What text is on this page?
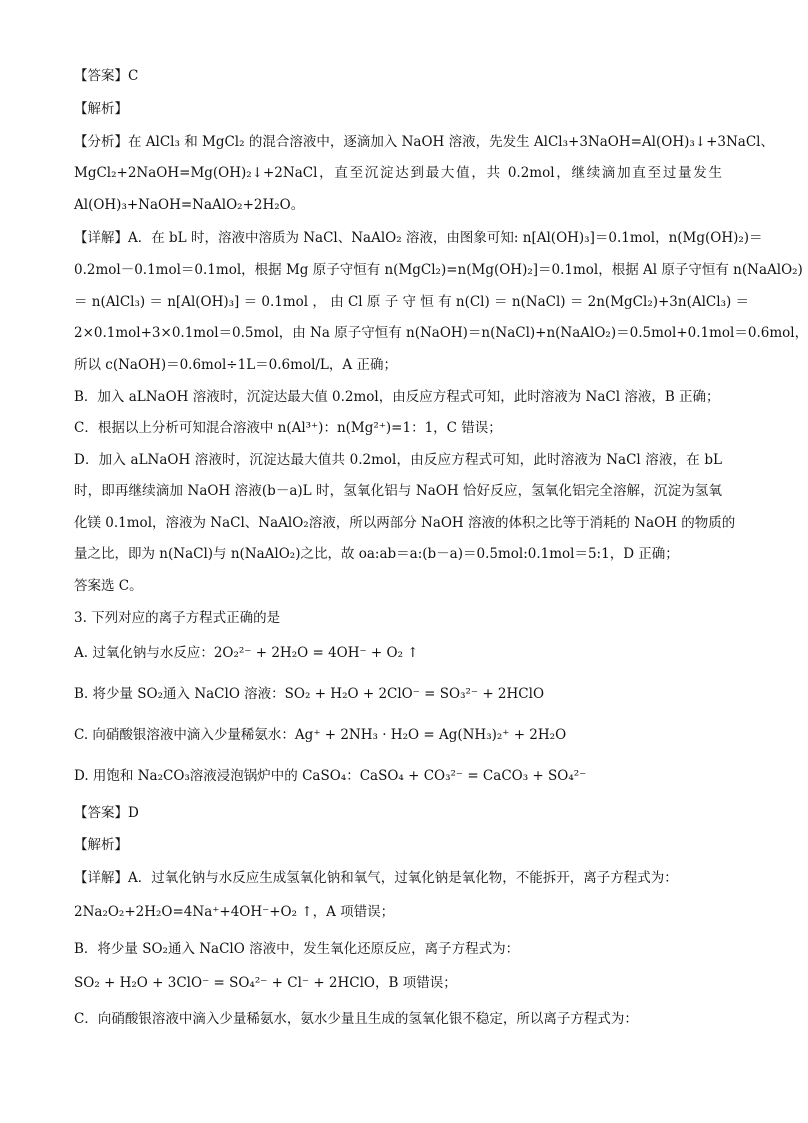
【答案】C
【解析】
【分析】在 AlCl₃ 和 MgCl₂ 的混合溶液中，逐滴加入 NaOH 溶液，先发生 AlCl₃+3NaOH=Al(OH)₃↓+3NaCl、
MgCl₂+2NaOH=Mg(OH)₂↓+2NaCl，直至沉淀达到最大值，共 0.2mol，继续滴加直至过量发生
Al(OH)₃+NaOH=NaAlO₂+2H₂O。
【详解】A．在 bL 时，溶液中溶质为 NaCl、NaAlO₂ 溶液，由图象可知: n[Al(OH)₃]＝0.1mol，n(Mg(OH)₂)＝
0.2mol－0.1mol＝0.1mol，根据 Mg 原子守恒有 n(MgCl₂)=n(Mg(OH)₂]＝0.1mol，根据 Al 原子守恒有 n(NaAlO₂)
＝ n(AlCl₃) ＝ n[Al(OH)₃] ＝ 0.1mol ， 由 Cl 原 子 守 恒 有 n(Cl) ＝ n(NaCl) ＝ 2n(MgCl₂)+3n(AlCl₃) ＝
2×0.1mol+3×0.1mol＝0.5mol，由 Na 原子守恒有 n(NaOH)＝n(NaCl)+n(NaAlO₂)＝0.5mol+0.1mol＝0.6mol，
所以 c(NaOH)＝0.6mol÷1L＝0.6mol/L，A 正确；
B．加入 aLNaOH 溶液时，沉淀达最大值 0.2mol，由反应方程式可知，此时溶液为 NaCl 溶液，B 正确；
C．根据以上分析可知混合溶液中 n(Al³⁺)：n(Mg²⁺)=1：1，C 错误；
D．加入 aLNaOH 溶液时，沉淀达最大值共 0.2mol，由反应方程式可知，此时溶液为 NaCl 溶液，在 bL
时，即再继续滴加 NaOH 溶液(b－a)L 时，氢氧化铝与 NaOH 恰好反应，氢氧化铝完全溶解，沉淀为氢氧
化镁 0.1mol，溶液为 NaCl、NaAlO₂溶液，所以两部分 NaOH 溶液的体积之比等于消耗的 NaOH 的物质的
量之比，即为 n(NaCl)与 n(NaAlO₂)之比，故 oa:ab＝a:(b－a)＝0.5mol:0.1mol＝5:1，D 正确；
答案选 C。
3. 下列对应的离子方程式正确的是
A. 过氧化钠与水反应：2O₂²⁻ + 2H₂O = 4OH⁻ + O₂ ↑
B. 将少量 SO₂通入 NaClO 溶液：SO₂ + H₂O + 2ClO⁻ = SO₃²⁻ + 2HClO
C. 向硝酸银溶液中滴入少量稀氨水：Ag⁺ + 2NH₃ · H₂O = Ag(NH₃)₂⁺ + 2H₂O
D. 用饱和 Na₂CO₃溶液浸泡锅炉中的 CaSO₄：CaSO₄ + CO₃²⁻ = CaCO₃ + SO₄²⁻
【答案】D
【解析】
【详解】A．过氧化钠与水反应生成氢氧化钠和氧气，过氧化钠是氧化物，不能拆开，离子方程式为：
2Na₂O₂+2H₂O=4Na⁺+4OH⁻+O₂ ↑，A 项错误；
B．将少量 SO₂通入 NaClO 溶液中，发生氧化还原反应，离子方程式为：
SO₂ + H₂O + 3ClO⁻ = SO₄²⁻ + Cl⁻ + 2HClO，B 项错误；
C．向硝酸银溶液中滴入少量稀氨水，氨水少量且生成的氢氧化银不稳定，所以离子方程式为：
